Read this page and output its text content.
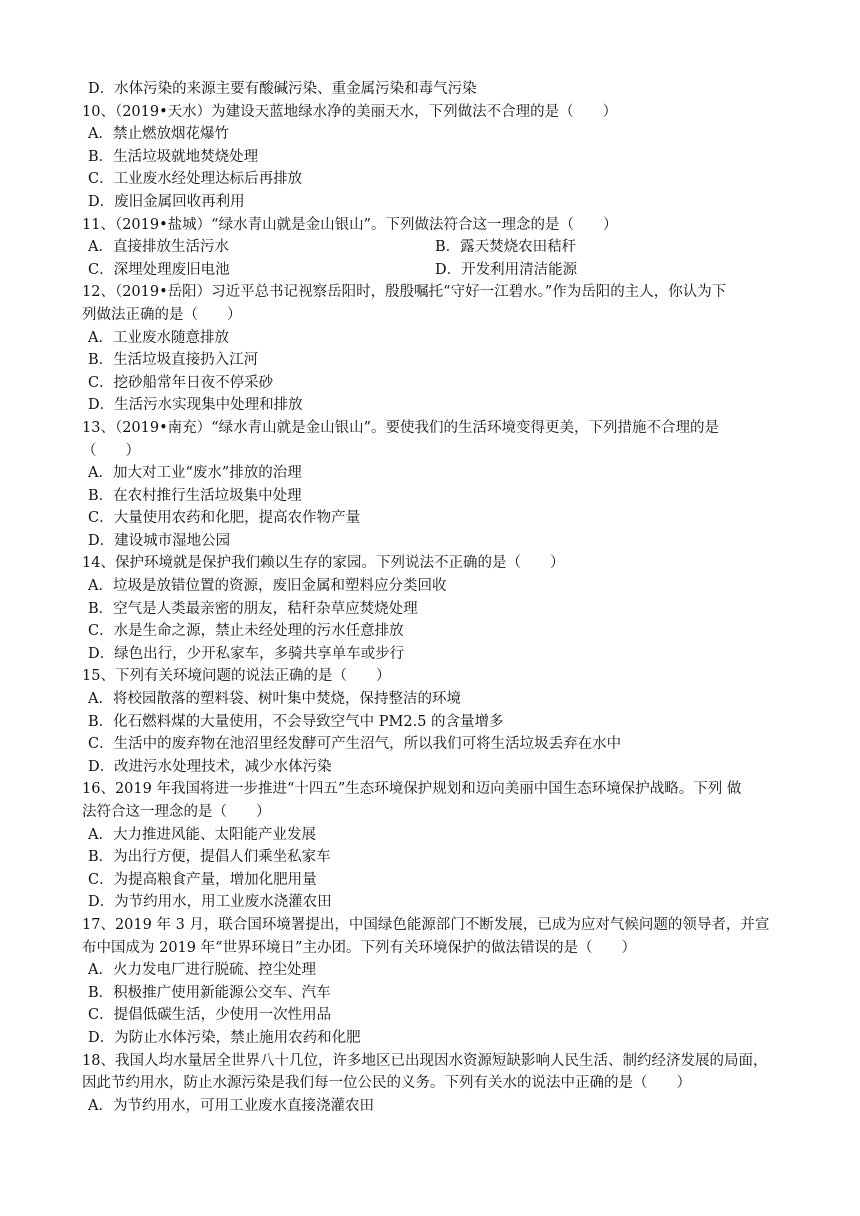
D．水体污染的来源主要有酸碱污染、重金属污染和毒气污染
10、（2019•天水）为建设天蓝地绿水净的美丽天水，下列做法不合理的是（　　）
A．禁止燃放烟花爆竹
B．生活垃圾就地焚烧处理
C．工业废水经处理达标后再排放
D．废旧金属回收再利用
11、（2019•盐城）“绿水青山就是金山银山”。下列做法符合这一理念的是（　　）
A．直接排放生活污水	B．露天焚烧农田秸秆
C．深埋处理废旧电池	D．开发利用清洁能源
12、（2019•岳阳）习近平总书记视察岳阳时，殷殷嘱托“守好一江碧水。”作为岳阳的主人，你认为下
列做法正确的是（　　）
A．工业废水随意排放
B．生活垃圾直接扔入江河
C．挖砂船常年日夜不停采砂
D．生活污水实现集中处理和排放
13、（2019•南充）“绿水青山就是金山银山”。要使我们的生活环境变得更美，下列措施不合理的是
（　　）
A．加大对工业“废水”排放的治理
B．在农村推行生活垃圾集中处理
C．大量使用农药和化肥，提高农作物产量
D．建设城市湿地公园
14、保护环境就是保护我们赖以生存的家园。下列说法不正确的是（　　）
A．垃圾是放错位置的资源，废旧金属和塑料应分类回收
B．空气是人类最亲密的朋友，秸秆杂草应焚烧处理
C．水是生命之源，禁止未经处理的污水任意排放
D．绿色出行，少开私家车，多骑共享单车或步行
15、下列有关环境问题的说法正确的是（　　）
A．将校园散落的塑料袋、树叶集中焚烧，保持整洁的环境
B．化石燃料煤的大量使用，不会导致空气中 PM2.5 的含量增多
C．生活中的废弃物在池沼里经发酵可产生沼气，所以我们可将生活垃圾丢弃在水中
D．改进污水处理技术，减少水体污染
16、2019 年我国将进一步推进“十四五”生态环境保护规划和迈向美丽中国生态环境保护战略。下列 做
法符合这一理念的是（　　）
A．大力推进风能、太阳能产业发展
B．为出行方便，提倡人们乘坐私家车
C．为提高粮食产量，增加化肥用量
D．为节约用水，用工业废水浇灌农田
17、2019 年 3 月，联合国环境署提出，中国绿色能源部门不断发展，已成为应对气候问题的领导者，并宣
布中国成为 2019 年“世界环境日”主办团。下列有关环境保护的做法错误的是（　　）
A．火力发电厂进行脱硫、控尘处理
B．积极推广使用新能源公交车、汽车
C．提倡低碳生活，少使用一次性用品
D．为防止水体污染，禁止施用农药和化肥
18、我国人均水量居全世界八十几位，许多地区已出现因水资源短缺影响人民生活、制约经济发展的局面，
因此节约用水，防止水源污染是我们每一位公民的义务。下列有关水的说法中正确的是（　　）
A．为节约用水，可用工业废水直接浇灌农田
